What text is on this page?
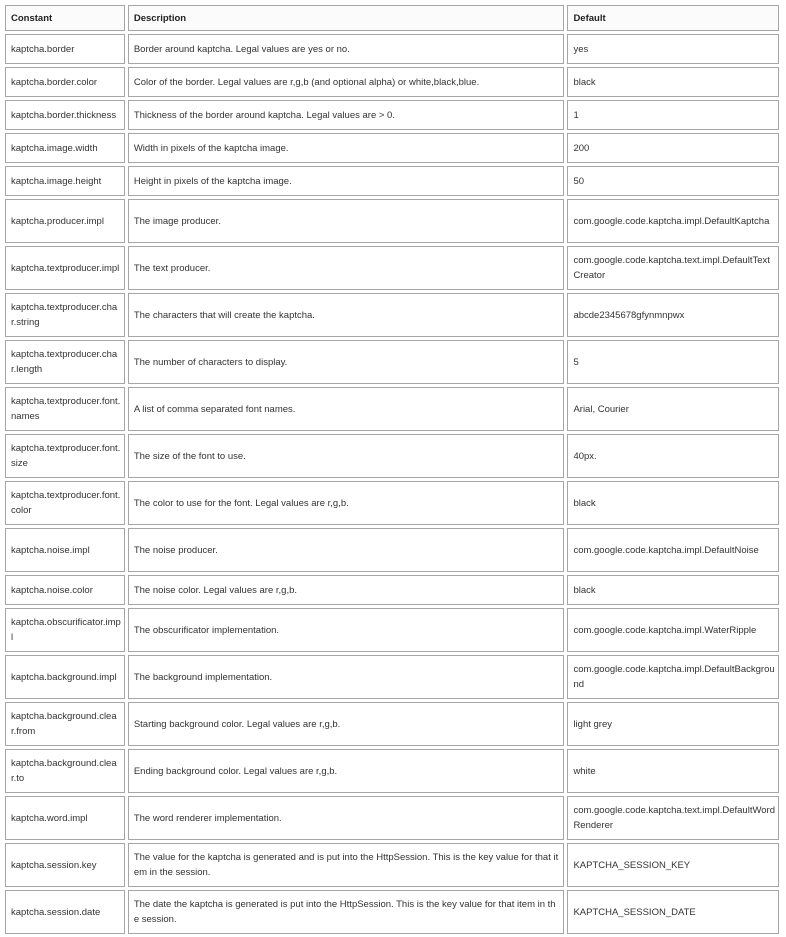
Constant	Description	Default
kaptcha.border	Border around kaptcha. Legal values are yes or no.	yes
kaptcha.border.color	Color of the border. Legal values are r,g,b (and optional alpha) or white,black,blue.	black
kaptcha.border.thickness	Thickness of the border around kaptcha. Legal values are > 0.	1
kaptcha.image.width	Width in pixels of the kaptcha image.	200
kaptcha.image.height	Height in pixels of the kaptcha image.	50
kaptcha.producer.impl	The image producer.	com.google.code.kaptcha.impl.DefaultKaptcha
kaptcha.textproducer.impl	The text producer.	com.google.code.kaptcha.text.impl.DefaultTextCreator
kaptcha.textproducer.char.string	The characters that will create the kaptcha.	abcde2345678gfynmnpwx
kaptcha.textproducer.char.length	The number of characters to display.	5
kaptcha.textproducer.font.names	A list of comma separated font names.	Arial, Courier
kaptcha.textproducer.font.size	The size of the font to use.	40px.
kaptcha.textproducer.font.color	The color to use for the font. Legal values are r,g,b.	black
kaptcha.noise.impl	The noise producer.	com.google.code.kaptcha.impl.DefaultNoise
kaptcha.noise.color	The noise color. Legal values are r,g,b.	black
kaptcha.obscurificator.impl	The obscurificator implementation.	com.google.code.kaptcha.impl.WaterRipple
kaptcha.background.impl	The background implementation.	com.google.code.kaptcha.impl.DefaultBackground
kaptcha.background.clear.from	Starting background color. Legal values are r,g,b.	light grey
kaptcha.background.clear.to	Ending background color. Legal values are r,g,b.	white
kaptcha.word.impl	The word renderer implementation.	com.google.code.kaptcha.text.impl.DefaultWordRenderer
kaptcha.session.key	The value for the kaptcha is generated and is put into the HttpSession. This is the key value for that item in the session.	KAPTCHA_SESSION_KEY
kaptcha.session.date	The date the kaptcha is generated is put into the HttpSession. This is the key value for that item in the session.	KAPTCHA_SESSION_DATE
